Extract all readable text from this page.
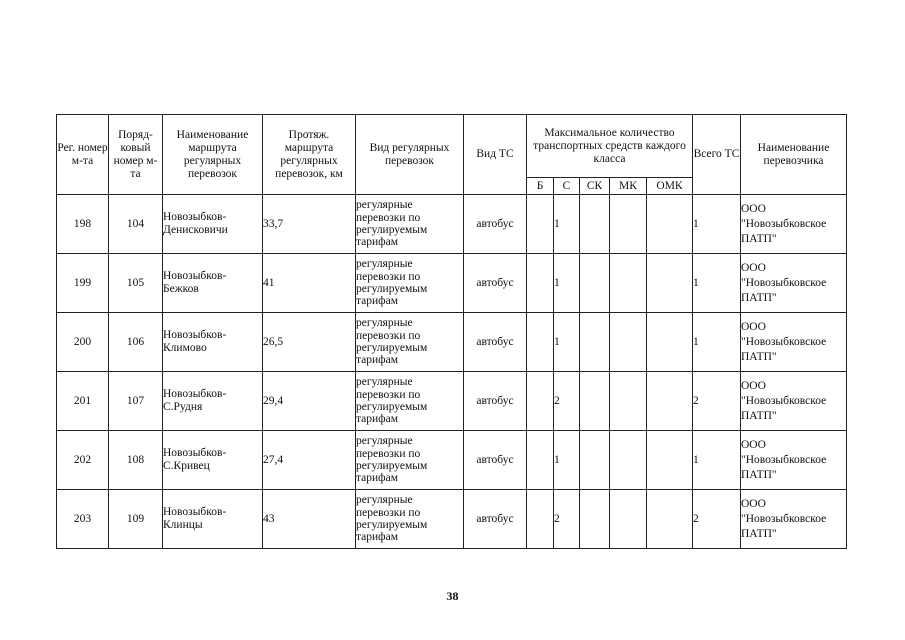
Рег. номер м-та	Поряд-ковый номер м-та	Наименование маршрута регулярных перевозок	Протяж. маршрута регулярных перевозок, км	Вид регулярных перевозок	Вид ТС	Максимальное количество транспортных средств каждого класса					Всего ТС	Наименование перевозчика
						Б	С	СК	МК	ОМК		
198	104	Новозыбков-Денисковичи	33,7	регулярные перевозки по регулируемым тарифам	автобус		1				1	ООО "Новозыбковское ПАТП"
199	105	Новозыбков-Бежков	41	регулярные перевозки по регулируемым тарифам	автобус		1				1	ООО "Новозыбковское ПАТП"
200	106	Новозыбков-Климово	26,5	регулярные перевозки по регулируемым тарифам	автобус		1				1	ООО "Новозыбковское ПАТП"
201	107	Новозыбков-С.Рудня	29,4	регулярные перевозки по регулируемым тарифам	автобус		2				2	ООО "Новозыбковское ПАТП"
202	108	Новозыбков-С.Кривец	27,4	регулярные перевозки по регулируемым тарифам	автобус		1				1	ООО "Новозыбковское ПАТП"
203	109	Новозыбков-Клинцы	43	регулярные перевозки по регулируемым тарифам	автобус		2				2	ООО "Новозыбковское ПАТП"
38
